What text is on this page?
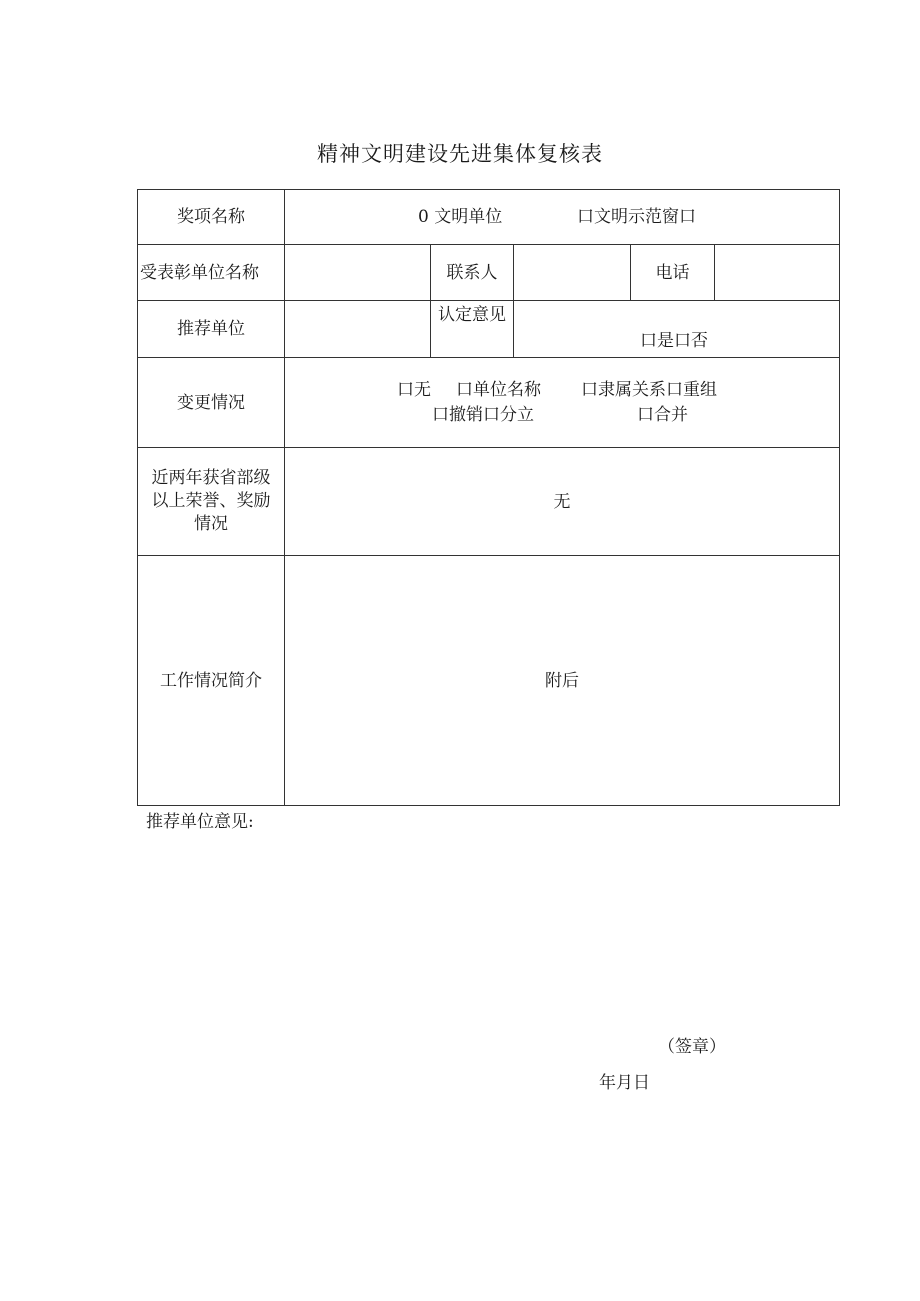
精神文明建设先进集体复核表
奖项名称	0 文明单位 口文明示范窗口				

受表彰单位名称		联系人		电话	
推荐单位		认定意见	口是口否		

变更情况	口无 口单位名称 口隶属关系口重组
口撤销口分立 口合并				

近两年获省部级
以上荣誉、奖励
情况	无				
工作情况简介	附后				
推荐单位意见:
（签章）
年月日
